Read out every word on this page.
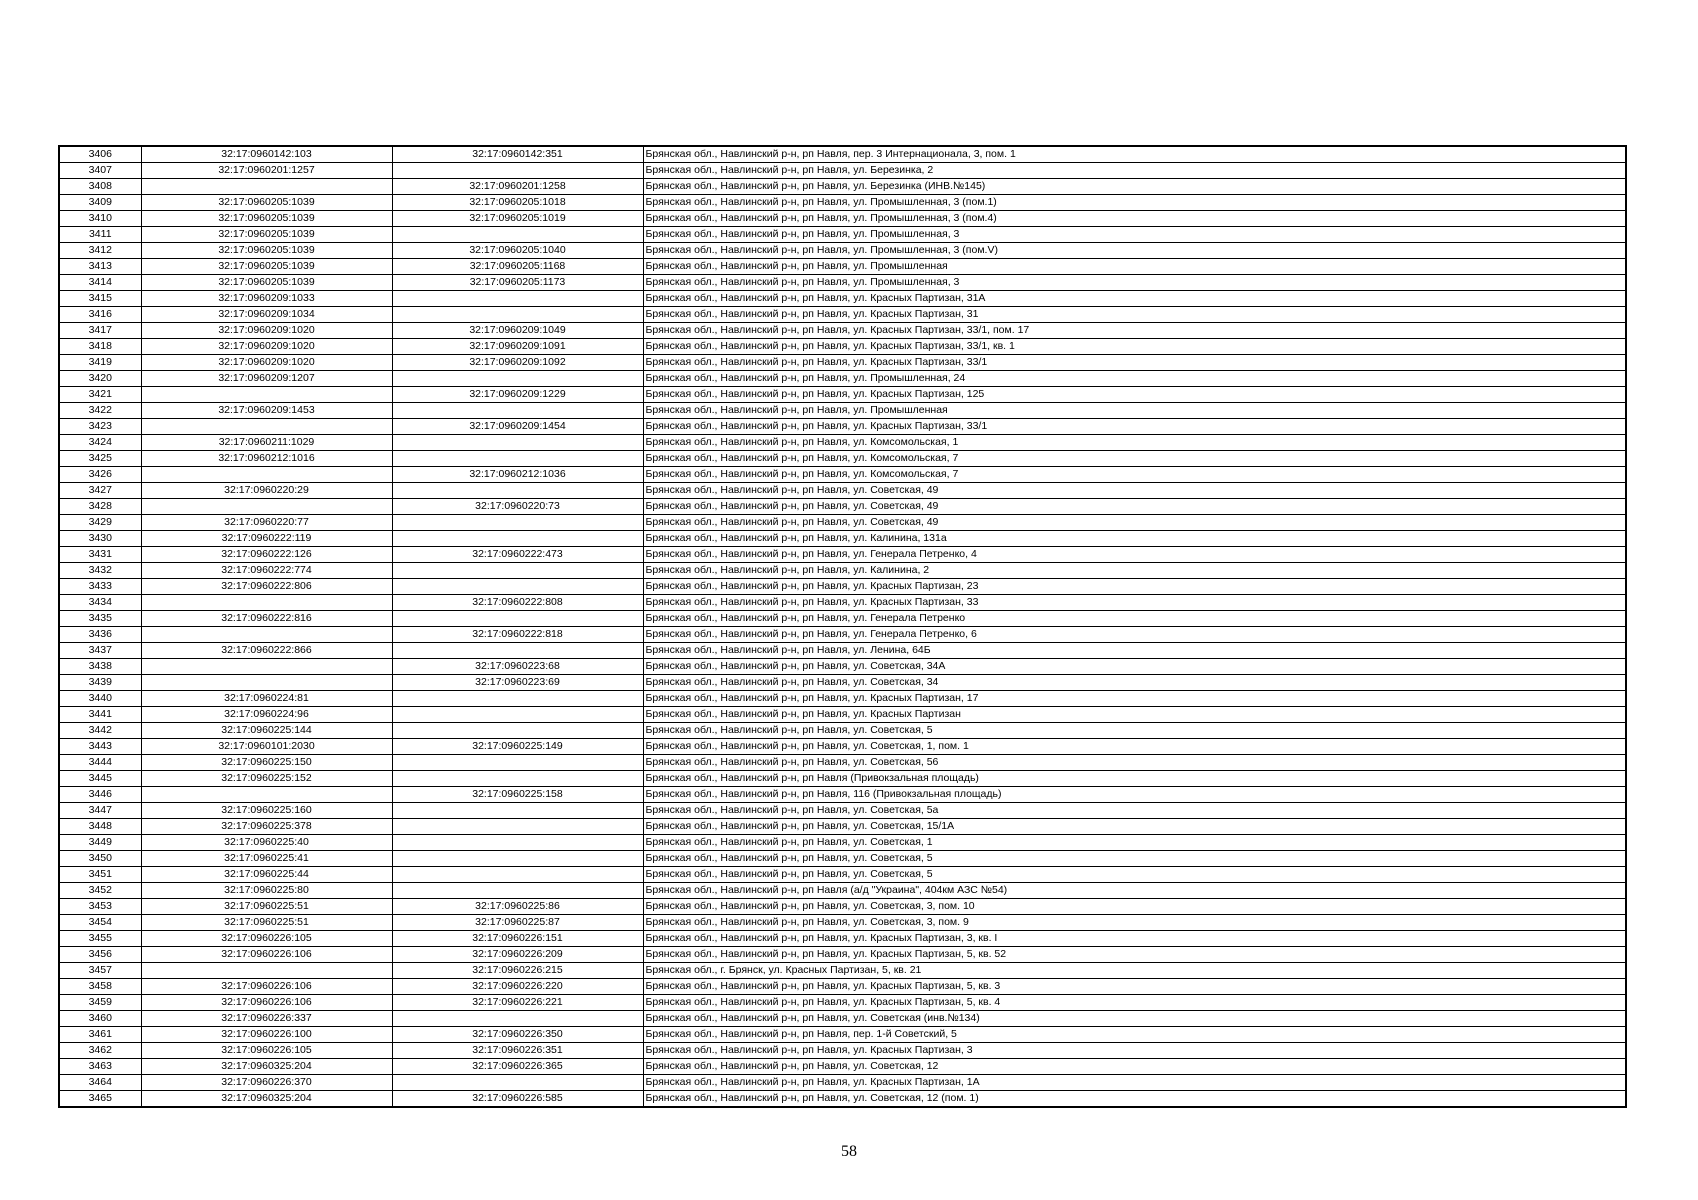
3406	32:17:0960142:103	32:17:0960142:351	Брянская обл., Навлинский р-н, рп Навля, пер. 3 Интернационала, 3, пом. 1
3407	32:17:0960201:1257		Брянская обл., Навлинский р-н, рп Навля, ул. Березинка, 2
3408		32:17:0960201:1258	Брянская обл., Навлинский р-н, рп Навля, ул. Березинка (ИНВ.№145)
3409	32:17:0960205:1039	32:17:0960205:1018	Брянская обл., Навлинский р-н, рп Навля, ул. Промышленная, 3 (пом.1)
3410	32:17:0960205:1039	32:17:0960205:1019	Брянская обл., Навлинский р-н, рп Навля, ул. Промышленная, 3 (пом.4)
3411	32:17:0960205:1039		Брянская обл., Навлинский р-н, рп Навля, ул. Промышленная, 3
3412	32:17:0960205:1039	32:17:0960205:1040	Брянская обл., Навлинский р-н, рп Навля, ул. Промышленная, 3 (пом.V)
3413	32:17:0960205:1039	32:17:0960205:1168	Брянская обл., Навлинский р-н, рп Навля, ул. Промышленная
3414	32:17:0960205:1039	32:17:0960205:1173	Брянская обл., Навлинский р-н, рп Навля, ул. Промышленная, 3
3415	32:17:0960209:1033		Брянская обл., Навлинский р-н, рп Навля, ул. Красных Партизан, 31А
3416	32:17:0960209:1034		Брянская обл., Навлинский р-н, рп Навля, ул. Красных Партизан, 31
3417	32:17:0960209:1020	32:17:0960209:1049	Брянская обл., Навлинский р-н, рп Навля, ул. Красных Партизан, 33/1, пом. 17
3418	32:17:0960209:1020	32:17:0960209:1091	Брянская обл., Навлинский р-н, рп Навля, ул. Красных Партизан, 33/1, кв. 1
3419	32:17:0960209:1020	32:17:0960209:1092	Брянская обл., Навлинский р-н, рп Навля, ул. Красных Партизан, 33/1
3420	32:17:0960209:1207		Брянская обл., Навлинский р-н, рп Навля, ул. Промышленная, 24
3421		32:17:0960209:1229	Брянская обл., Навлинский р-н, рп Навля, ул. Красных Партизан, 125
3422	32:17:0960209:1453		Брянская обл., Навлинский р-н, рп Навля, ул. Промышленная
3423		32:17:0960209:1454	Брянская обл., Навлинский р-н, рп Навля, ул. Красных Партизан, 33/1
3424	32:17:0960211:1029		Брянская обл., Навлинский р-н, рп Навля, ул. Комсомольская, 1
3425	32:17:0960212:1016		Брянская обл., Навлинский р-н, рп Навля, ул. Комсомольская, 7
3426		32:17:0960212:1036	Брянская обл., Навлинский р-н, рп Навля, ул. Комсомольская, 7
3427	32:17:0960220:29		Брянская обл., Навлинский р-н, рп Навля, ул. Советская, 49
3428		32:17:0960220:73	Брянская обл., Навлинский р-н, рп Навля, ул. Советская, 49
3429	32:17:0960220:77		Брянская обл., Навлинский р-н, рп Навля, ул. Советская, 49
3430	32:17:0960222:119		Брянская обл., Навлинский р-н, рп Навля, ул. Калинина, 131а
3431	32:17:0960222:126	32:17:0960222:473	Брянская обл., Навлинский р-н, рп Навля, ул. Генерала Петренко, 4
3432	32:17:0960222:774		Брянская обл., Навлинский р-н, рп Навля, ул. Калинина, 2
3433	32:17:0960222:806		Брянская обл., Навлинский р-н, рп Навля, ул. Красных Партизан, 23
3434		32:17:0960222:808	Брянская обл., Навлинский р-н, рп Навля, ул. Красных Партизан, 33
3435	32:17:0960222:816		Брянская обл., Навлинский р-н, рп Навля, ул. Генерала Петренко
3436		32:17:0960222:818	Брянская обл., Навлинский р-н, рп Навля, ул. Генерала Петренко, 6
3437	32:17:0960222:866		Брянская обл., Навлинский р-н, рп Навля, ул. Ленина, 64Б
3438		32:17:0960223:68	Брянская обл., Навлинский р-н, рп Навля, ул. Советская, 34А
3439		32:17:0960223:69	Брянская обл., Навлинский р-н, рп Навля, ул. Советская, 34
3440	32:17:0960224:81		Брянская обл., Навлинский р-н, рп Навля, ул. Красных Партизан, 17
3441	32:17:0960224:96		Брянская обл., Навлинский р-н, рп Навля, ул. Красных Партизан
3442	32:17:0960225:144		Брянская обл., Навлинский р-н, рп Навля, ул. Советская, 5
3443	32:17:0960101:2030	32:17:0960225:149	Брянская обл., Навлинский р-н, рп Навля, ул. Советская, 1, пом. 1
3444	32:17:0960225:150		Брянская обл., Навлинский р-н, рп Навля, ул. Советская, 56
3445	32:17:0960225:152		Брянская обл., Навлинский р-н, рп Навля (Привокзальная площадь)
3446		32:17:0960225:158	Брянская обл., Навлинский р-н, рп Навля, 116 (Привокзальная площадь)
3447	32:17:0960225:160		Брянская обл., Навлинский р-н, рп Навля, ул. Советская, 5а
3448	32:17:0960225:378		Брянская обл., Навлинский р-н, рп Навля, ул. Советская, 15/1А
3449	32:17:0960225:40		Брянская обл., Навлинский р-н, рп Навля, ул. Советская, 1
3450	32:17:0960225:41		Брянская обл., Навлинский р-н, рп Навля, ул. Советская, 5
3451	32:17:0960225:44		Брянская обл., Навлинский р-н, рп Навля, ул. Советская, 5
3452	32:17:0960225:80		Брянская обл., Навлинский р-н, рп Навля (а/д "Украина", 404км АЗС №54)
3453	32:17:0960225:51	32:17:0960225:86	Брянская обл., Навлинский р-н, рп Навля, ул. Советская, 3, пом. 10
3454	32:17:0960225:51	32:17:0960225:87	Брянская обл., Навлинский р-н, рп Навля, ул. Советская, 3, пом. 9
3455	32:17:0960226:105	32:17:0960226:151	Брянская обл., Навлинский р-н, рп Навля, ул. Красных Партизан, 3, кв. I
3456	32:17:0960226:106	32:17:0960226:209	Брянская обл., Навлинский р-н, рп Навля, ул. Красных Партизан, 5, кв. 52
3457		32:17:0960226:215	Брянская обл., г. Брянск, ул. Красных Партизан, 5, кв. 21
3458	32:17:0960226:106	32:17:0960226:220	Брянская обл., Навлинский р-н, рп Навля, ул. Красных Партизан, 5, кв. 3
3459	32:17:0960226:106	32:17:0960226:221	Брянская обл., Навлинский р-н, рп Навля, ул. Красных Партизан, 5, кв. 4
3460	32:17:0960226:337		Брянская обл., Навлинский р-н, рп Навля, ул. Советская (инв.№134)
3461	32:17:0960226:100	32:17:0960226:350	Брянская обл., Навлинский р-н, рп Навля, пер. 1-й Советский, 5
3462	32:17:0960226:105	32:17:0960226:351	Брянская обл., Навлинский р-н, рп Навля, ул. Красных Партизан, 3
3463	32:17:0960325:204	32:17:0960226:365	Брянская обл., Навлинский р-н, рп Навля, ул. Советская, 12
3464	32:17:0960226:370		Брянская обл., Навлинский р-н, рп Навля, ул. Красных Партизан, 1А
3465	32:17:0960325:204	32:17:0960226:585	Брянская обл., Навлинский р-н, рп Навля, ул. Советская, 12 (пом. 1)
58
